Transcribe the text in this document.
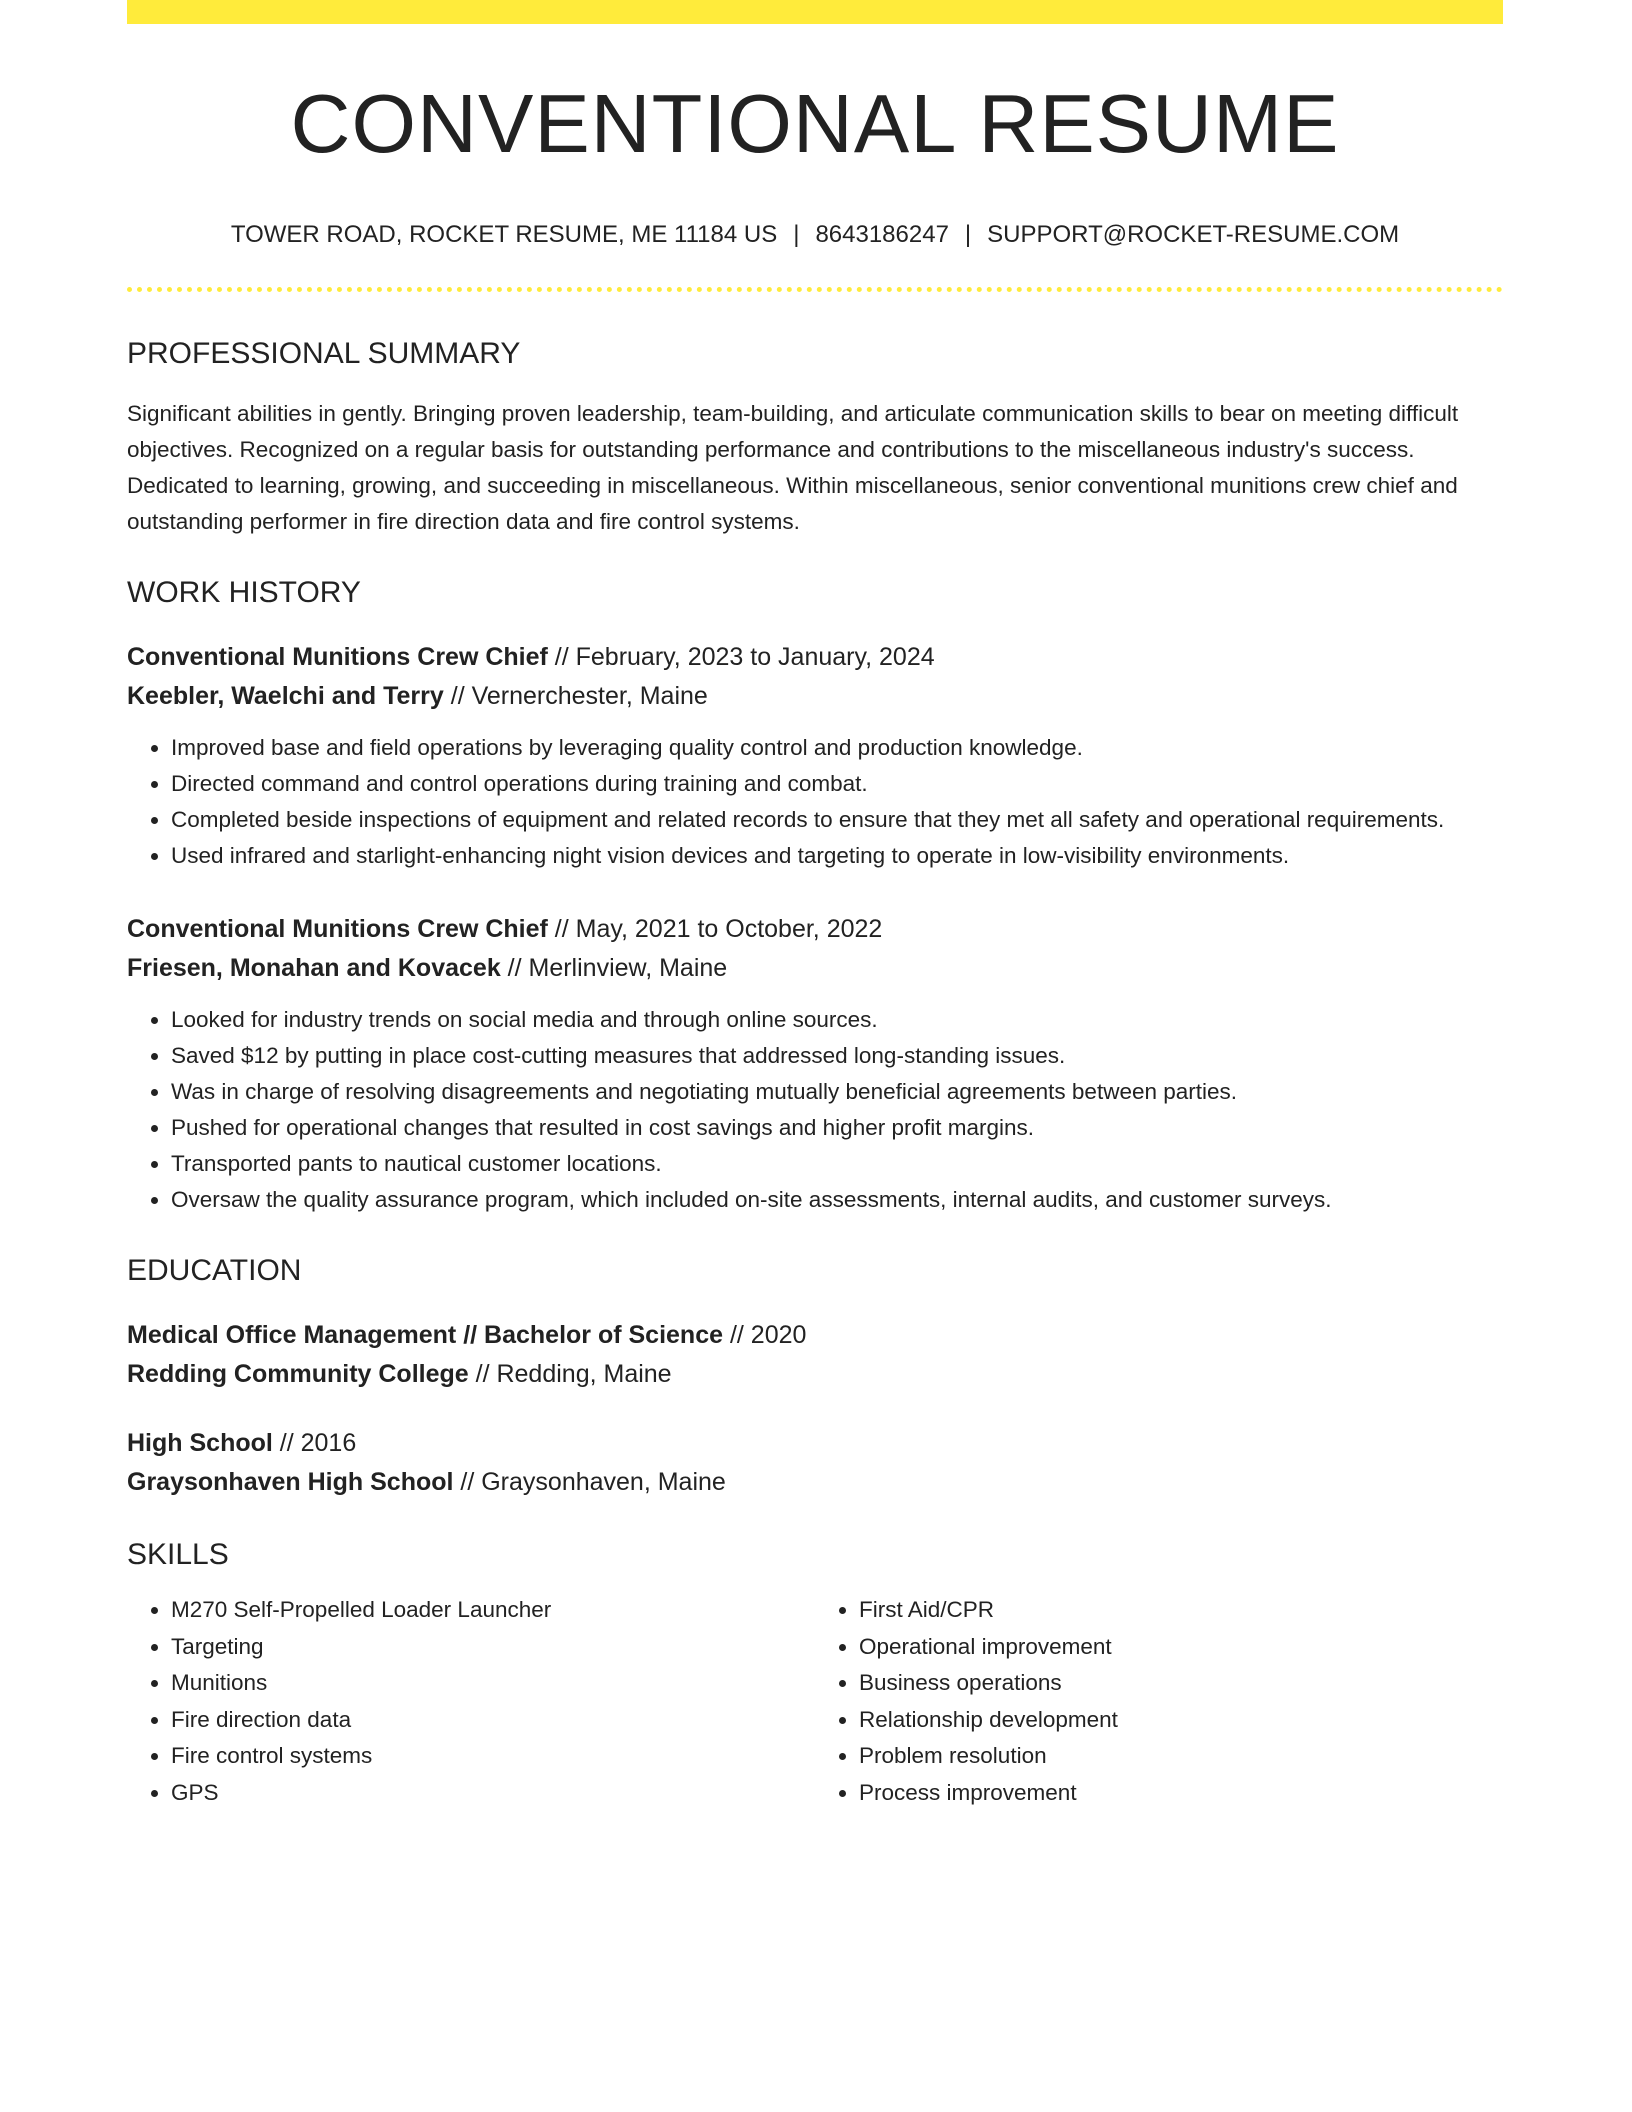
CONVENTIONAL RESUME
TOWER ROAD, ROCKET RESUME, ME 11184 US | 8643186247 | SUPPORT@ROCKET-RESUME.COM
PROFESSIONAL SUMMARY
Significant abilities in gently. Bringing proven leadership, team-building, and articulate communication skills to bear on meeting difficult objectives. Recognized on a regular basis for outstanding performance and contributions to the miscellaneous industry's success. Dedicated to learning, growing, and succeeding in miscellaneous. Within miscellaneous, senior conventional munitions crew chief and outstanding performer in fire direction data and fire control systems.
WORK HISTORY
Conventional Munitions Crew Chief // February, 2023 to January, 2024
Keebler, Waelchi and Terry // Vernerchester, Maine
• Improved base and field operations by leveraging quality control and production knowledge.
• Directed command and control operations during training and combat.
• Completed beside inspections of equipment and related records to ensure that they met all safety and operational requirements.
• Used infrared and starlight-enhancing night vision devices and targeting to operate in low-visibility environments.
Conventional Munitions Crew Chief // May, 2021 to October, 2022
Friesen, Monahan and Kovacek // Merlinview, Maine
• Looked for industry trends on social media and through online sources.
• Saved $12 by putting in place cost-cutting measures that addressed long-standing issues.
• Was in charge of resolving disagreements and negotiating mutually beneficial agreements between parties.
• Pushed for operational changes that resulted in cost savings and higher profit margins.
• Transported pants to nautical customer locations.
• Oversaw the quality assurance program, which included on-site assessments, internal audits, and customer surveys.
EDUCATION
Medical Office Management // Bachelor of Science // 2020
Redding Community College // Redding, Maine
High School // 2016
Graysonhaven High School // Graysonhaven, Maine
SKILLS
• M270 Self-Propelled Loader Launcher
• Targeting
• Munitions
• Fire direction data
• Fire control systems
• GPS
• First Aid/CPR
• Operational improvement
• Business operations
• Relationship development
• Problem resolution
• Process improvement
